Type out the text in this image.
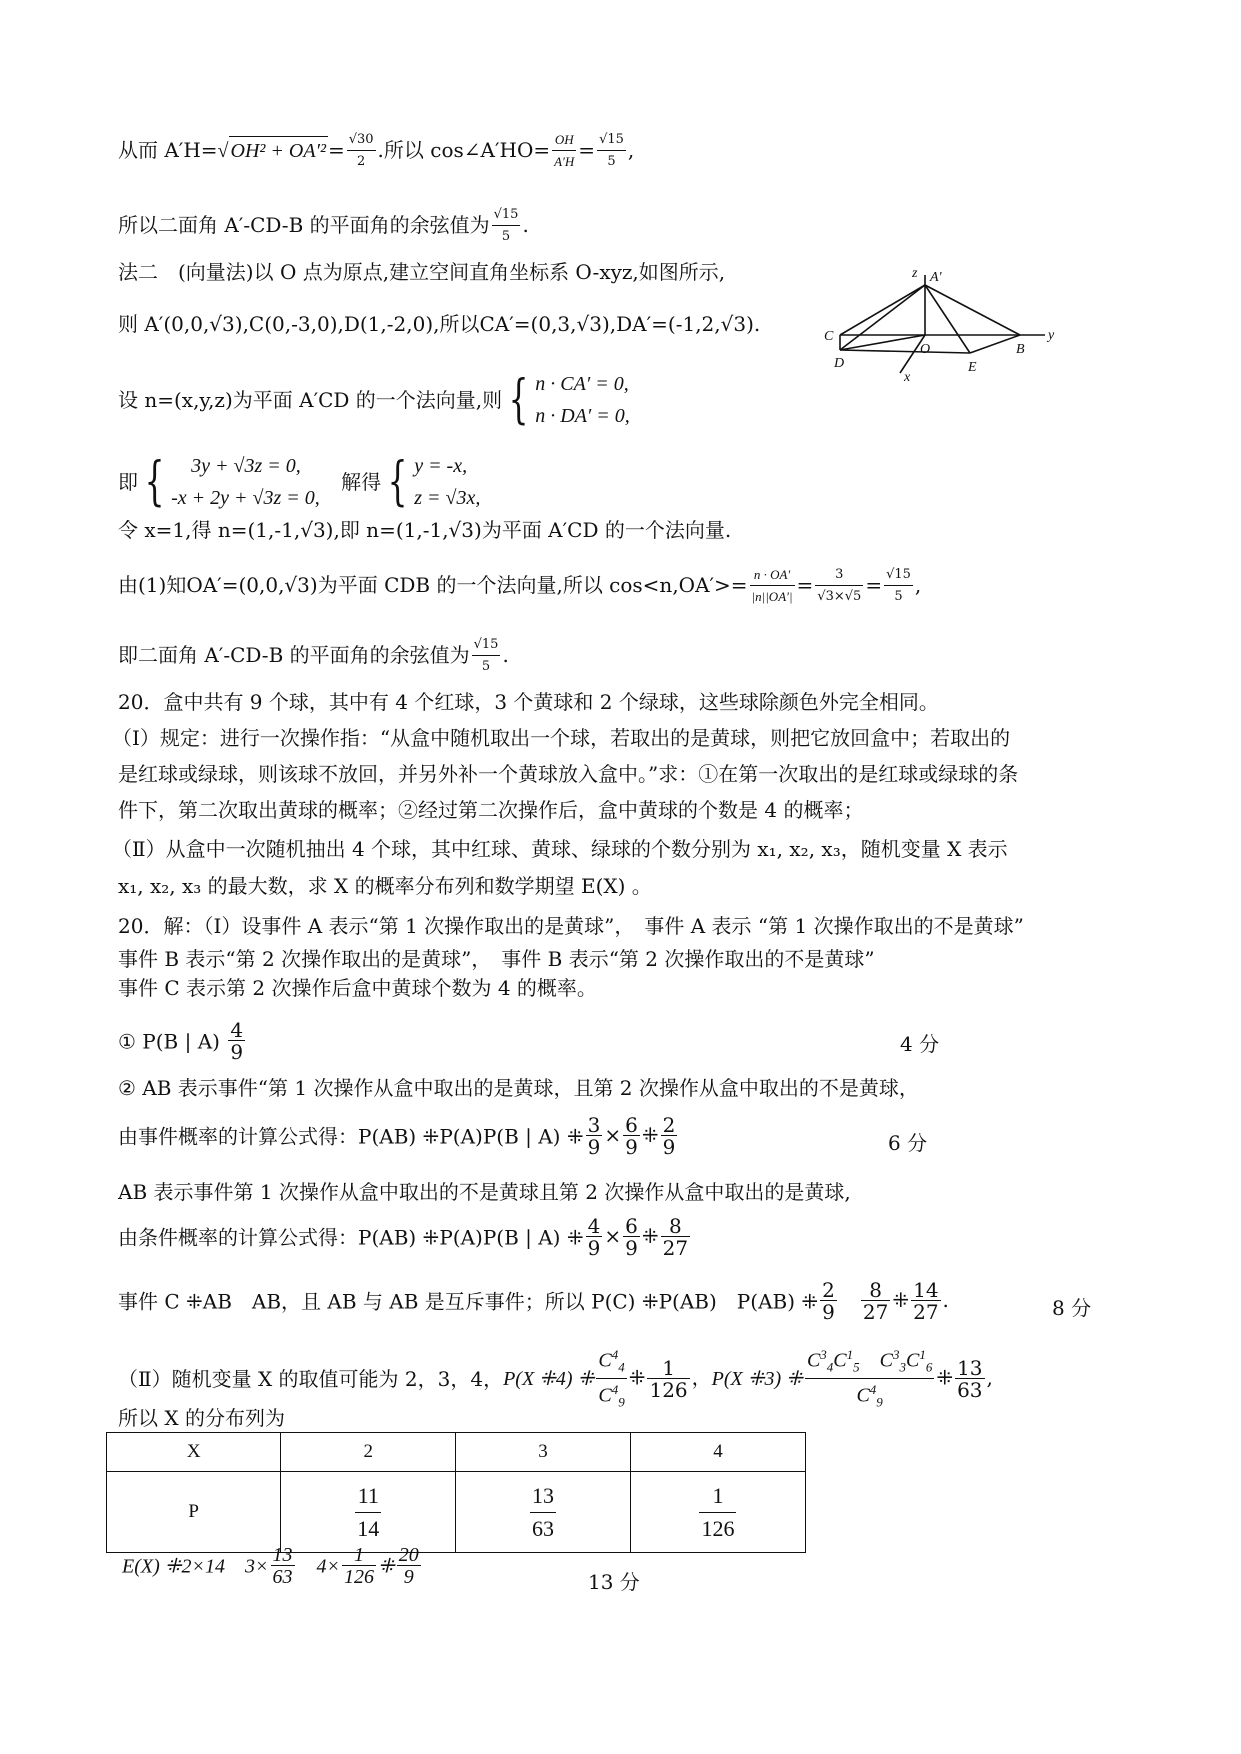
从而 A′H=√ $OH^2 + OA'^2 = \frac{√30}{2}$ .所以 cos∠A′HO= $\frac{OH}{A'H} = \frac{√15}{5}$ ,
所以二面角 A′-CD-B 的平面角的余弦值为 $\frac{√15}{5}$ .
法二　(向量法)以 O 点为原点,建立空间直角坐标系 O-xyz,如图所示,
则 A′(0,0,√3),C(0,-3,0),D(1,-2,0),所以CA′=(0,3,√3),DA′=(-1,2,√3).
设 n=(x,y,z)为平面 A′CD 的一个法向量,则 { n · CA′ = 0,
n · DA′ = 0,
即 {	3y + √3z = 0,
-x + 2y + √3z = 0,
解得 { y = -x,
z = √3x,
令 x=1,得 n=(1,-1,√3),即 n=(1,-1,√3)为平面 A′CD 的一个法向量.
由(1)知OA′=(0,0,√3)为平面 CDB 的一个法向量,所以 $\cos<n,OA'>= \frac{n \cdot OA'}{|n||OA'|} = \frac{3}{√3\times√5} = \frac{√15}{5}$ ,
即二面角 A′-CD-B 的平面角的余弦值为 $\frac{√15}{5}$ .
z A′
C
D
O
E
B
y
x
20．盒中共有 9 个球，其中有 4 个红球，3 个黄球和 2 个绿球，这些球除颜色外完全相同。
（Ⅰ）规定：进行一次操作指：“从盒中随机取出一个球，若取出的是黄球，则把它放回盒中；若取出的
是红球或绿球，则该球不放回，并另外补一个黄球放入盒中。”求：①在第一次取出的是红球或绿球的条
件下，第二次取出黄球的概率；②经过第二次操作后，盒中黄球的个数是 4 的概率；
（Ⅱ）从盒中一次随机抽出 4 个球，其中红球、黄球、绿球的个数分别为 x₁, x₂, x₃，随机变量 X 表示
x₁, x₂, x₃ 的最大数，求 X 的概率分布列和数学期望 E(X) 。
20．解：（Ⅰ）设事件 A 表示“第 1 次操作取出的是黄球”，　事件 A 表示 “第 1 次操作取出的不是黄球”
事件 B 表示“第 2 次操作取出的是黄球”，　事件 B 表示“第 2 次操作取出的不是黄球”
事件 C 表示第 2 次操作后盒中黄球个数为 4 的概率。
① P(B | $A) \frac{4}{9}$	4 分
② AB 表示事件“第 1 次操作从盒中取出的是黄球，且第 2 次操作从盒中取出的不是黄球，
由事件概率的计算公式得：P(AB) ⁜P(A)P(B | A) ⁜ $\frac{3}{9} \times \frac{6}{9}$ ⁜ $\frac{2}{9}$	6 分
AB 表示事件第 1 次操作从盒中取出的不是黄球且第 2 次操作从盒中取出的是黄球,
由条件概率的计算公式得：P(AB) ⁜P(A)P(B | A) ⁜ $\frac{4}{9} \times \frac{6}{9}$ ⁜ $\frac{8}{27}$
事件 C ⁜AB　AB，且 AB 与 AB 是互斥事件；所以 P(C) ⁜P(AB)　P(AB) ⁜ $\frac{2}{9}$
　 $\frac{8}{27}$ ⁜ $\frac{14}{27}$ .	8 分
（Ⅱ）随机变量 X 的取值可能为 2，3，4，P(X ⁜4) ⁜ $\frac{C^4_4}{C^4_9}$ ⁜ $\frac{1}{126}$ ，P(X ⁜3) ⁜ $\frac{C^3_4C^1_5 C^3_3C^1_6}{C^4_9}$ ⁜ $\frac{13}{63}$ ,
所以 X 的分布列为
X	2	3	4
P	$\frac{11}{14}$	$\frac{13}{63}$	$\frac{1}{126}$
E(X) ⁜2×14　$3\times \frac{13}{63}$ 　$4\times \frac{1}{126}$ ⁜ $\frac{20}{9}$	13 分
